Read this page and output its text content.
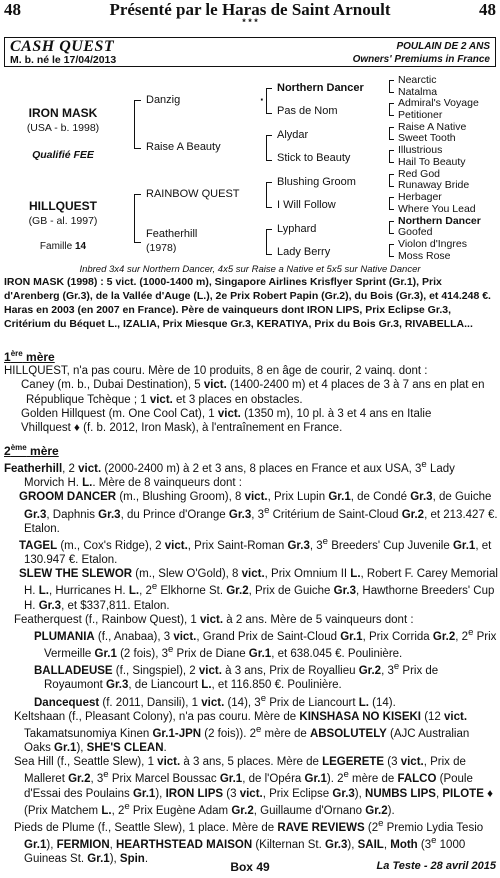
48	Présenté par le Haras de Saint Arnoult	48
* * *
CASH QUEST	POULAIN DE 2 ANS
M. b. né le 17/04/2013	Owners' Premiums in France
IRON MASK
(USA - b. 1998)
Qualifié FEE
HILLQUEST
(GB - al. 1997)
Famille 14
Danzig
Raise A Beauty
RAINBOW QUEST
Featherhill
(1978)
·
Northern Dancer
Pas de Nom
Alydar
Stick to Beauty
Blushing Groom
I Will Follow
Lyphard
Lady Berry
Nearctic
Natalma
Admiral's Voyage
Petitioner
Raise A Native
Sweet Tooth
Illustrious
Hail To Beauty
Red God
Runaway Bride
Herbager
Where You Lead
Northern Dancer
Goofed
Violon d'Ingres
Moss Rose
Inbred 3x4 sur Northern Dancer, 4x5 sur Raise a Native et 5x5 sur Native Dancer
IRON MASK (1998) : 5 vict. (1000-1400 m), Singapore Airlines Krisflyer Sprint (Gr.1), Prix d'Arenberg (Gr.3), de la Vallée d'Auge (L.), 2e Prix Robert Papin (Gr.2), du Bois (Gr.3), et 414.248 €. Haras en 2003 (en 2007 en France). Père de vainqueurs dont IRON LIPS, Prix Eclipse Gr.3, Critérium du Béquet L., IZALIA, Prix Miesque Gr.3, KERATIYA, Prix du Bois Gr.3, RIVABELLA...
1ère mère

HILLQUEST, n'a pas couru. Mère de 10 produits, 8 en âge de courir, 2 vainq. dont :

Caney (m. b., Dubai Destination), 5 vict. (1400-2400 m) et 4 places de 3 à 7 ans en plat en République Tchèque ; 1 vict. et 3 places en obstacles.

Golden Hillquest (m. One Cool Cat), 1 vict. (1350 m), 10 pl. à 3 et 4 ans en Italie

Vhillquest ♦ (f. b. 2012, Iron Mask), à l'entraînement en France.

2ème mère

Featherhill, 2 vict. (2000-2400 m) à 2 et 3 ans, 8 places en France et aux USA, 3e Lady Morvich H. L.. Mère de 8 vainqueurs dont :

GROOM DANCER (m., Blushing Groom), 8 vict., Prix Lupin Gr.1, de Condé Gr.3, de Guiche Gr.3, Daphnis Gr.3, du Prince d'Orange Gr.3, 3e Critérium de Saint-Cloud Gr.2, et 213.427 €. Etalon.

TAGEL (m., Cox's Ridge), 2 vict., Prix Saint-Roman Gr.3, 3e Breeders' Cup Juvenile Gr.1, et 130.947 €. Etalon.

SLEW THE SLEWOR (m., Slew O'Gold), 8 vict., Prix Omnium II L., Robert F. Carey Memorial H. L., Hurricanes H. L., 2e Elkhorne St. Gr.2, Prix de Guiche Gr.3, Hawthorne Breeders' Cup H. Gr.3, et $337,811. Etalon.

Featherquest (f., Rainbow Quest), 1 vict. à 2 ans. Mère de 5 vainqueurs dont :

PLUMANIA (f., Anabaa), 3 vict., Grand Prix de Saint-Cloud Gr.1, Prix Corrida Gr.2, 2e Prix Vermeille Gr.1 (2 fois), 3e Prix de Diane Gr.1, et 638.045 €. Poulinière.

BALLADEUSE (f., Singspiel), 2 vict. à 3 ans, Prix de Royallieu Gr.2, 3e Prix de Royaumont Gr.3, de Liancourt L., et 116.850 €. Poulinière.

Dancequest (f. 2011, Dansili), 1 vict. (14), 3e Prix de Liancourt L. (14).

Keltshaan (f., Pleasant Colony), n'a pas couru. Mère de KINSHASA NO KISEKI (12 vict. Takamatsunomiya Kinen Gr.1-JPN (2 fois)). 2e mère de ABSOLUTELY (AJC Australian Oaks Gr.1), SHE'S CLEAN.

Sea Hill (f., Seattle Slew), 1 vict. à 3 ans, 5 places. Mère de LEGERETE (3 vict., Prix de Malleret Gr.2, 3e Prix Marcel Boussac Gr.1, de l'Opéra Gr.1). 2e mère de FALCO (Poule d'Essai des Poulains Gr.1), IRON LIPS (3 vict., Prix Eclipse Gr.3), NUMBS LIPS, PILOTE ♦ (Prix Matchem L., 2e Prix Eugène Adam Gr.2, Guillaume d'Ornano Gr.2).

Pieds de Plume (f., Seattle Slew), 1 place. Mère de RAVE REVIEWS (2e Premio Lydia Tesio Gr.1), FERMION, HEARTHSTEAD MAISON (Kilternan St. Gr.3), SAIL, Moth (3e 1000 Guineas St. Gr.1), Spin.

Box 49	La Teste - 28 avril 2015
